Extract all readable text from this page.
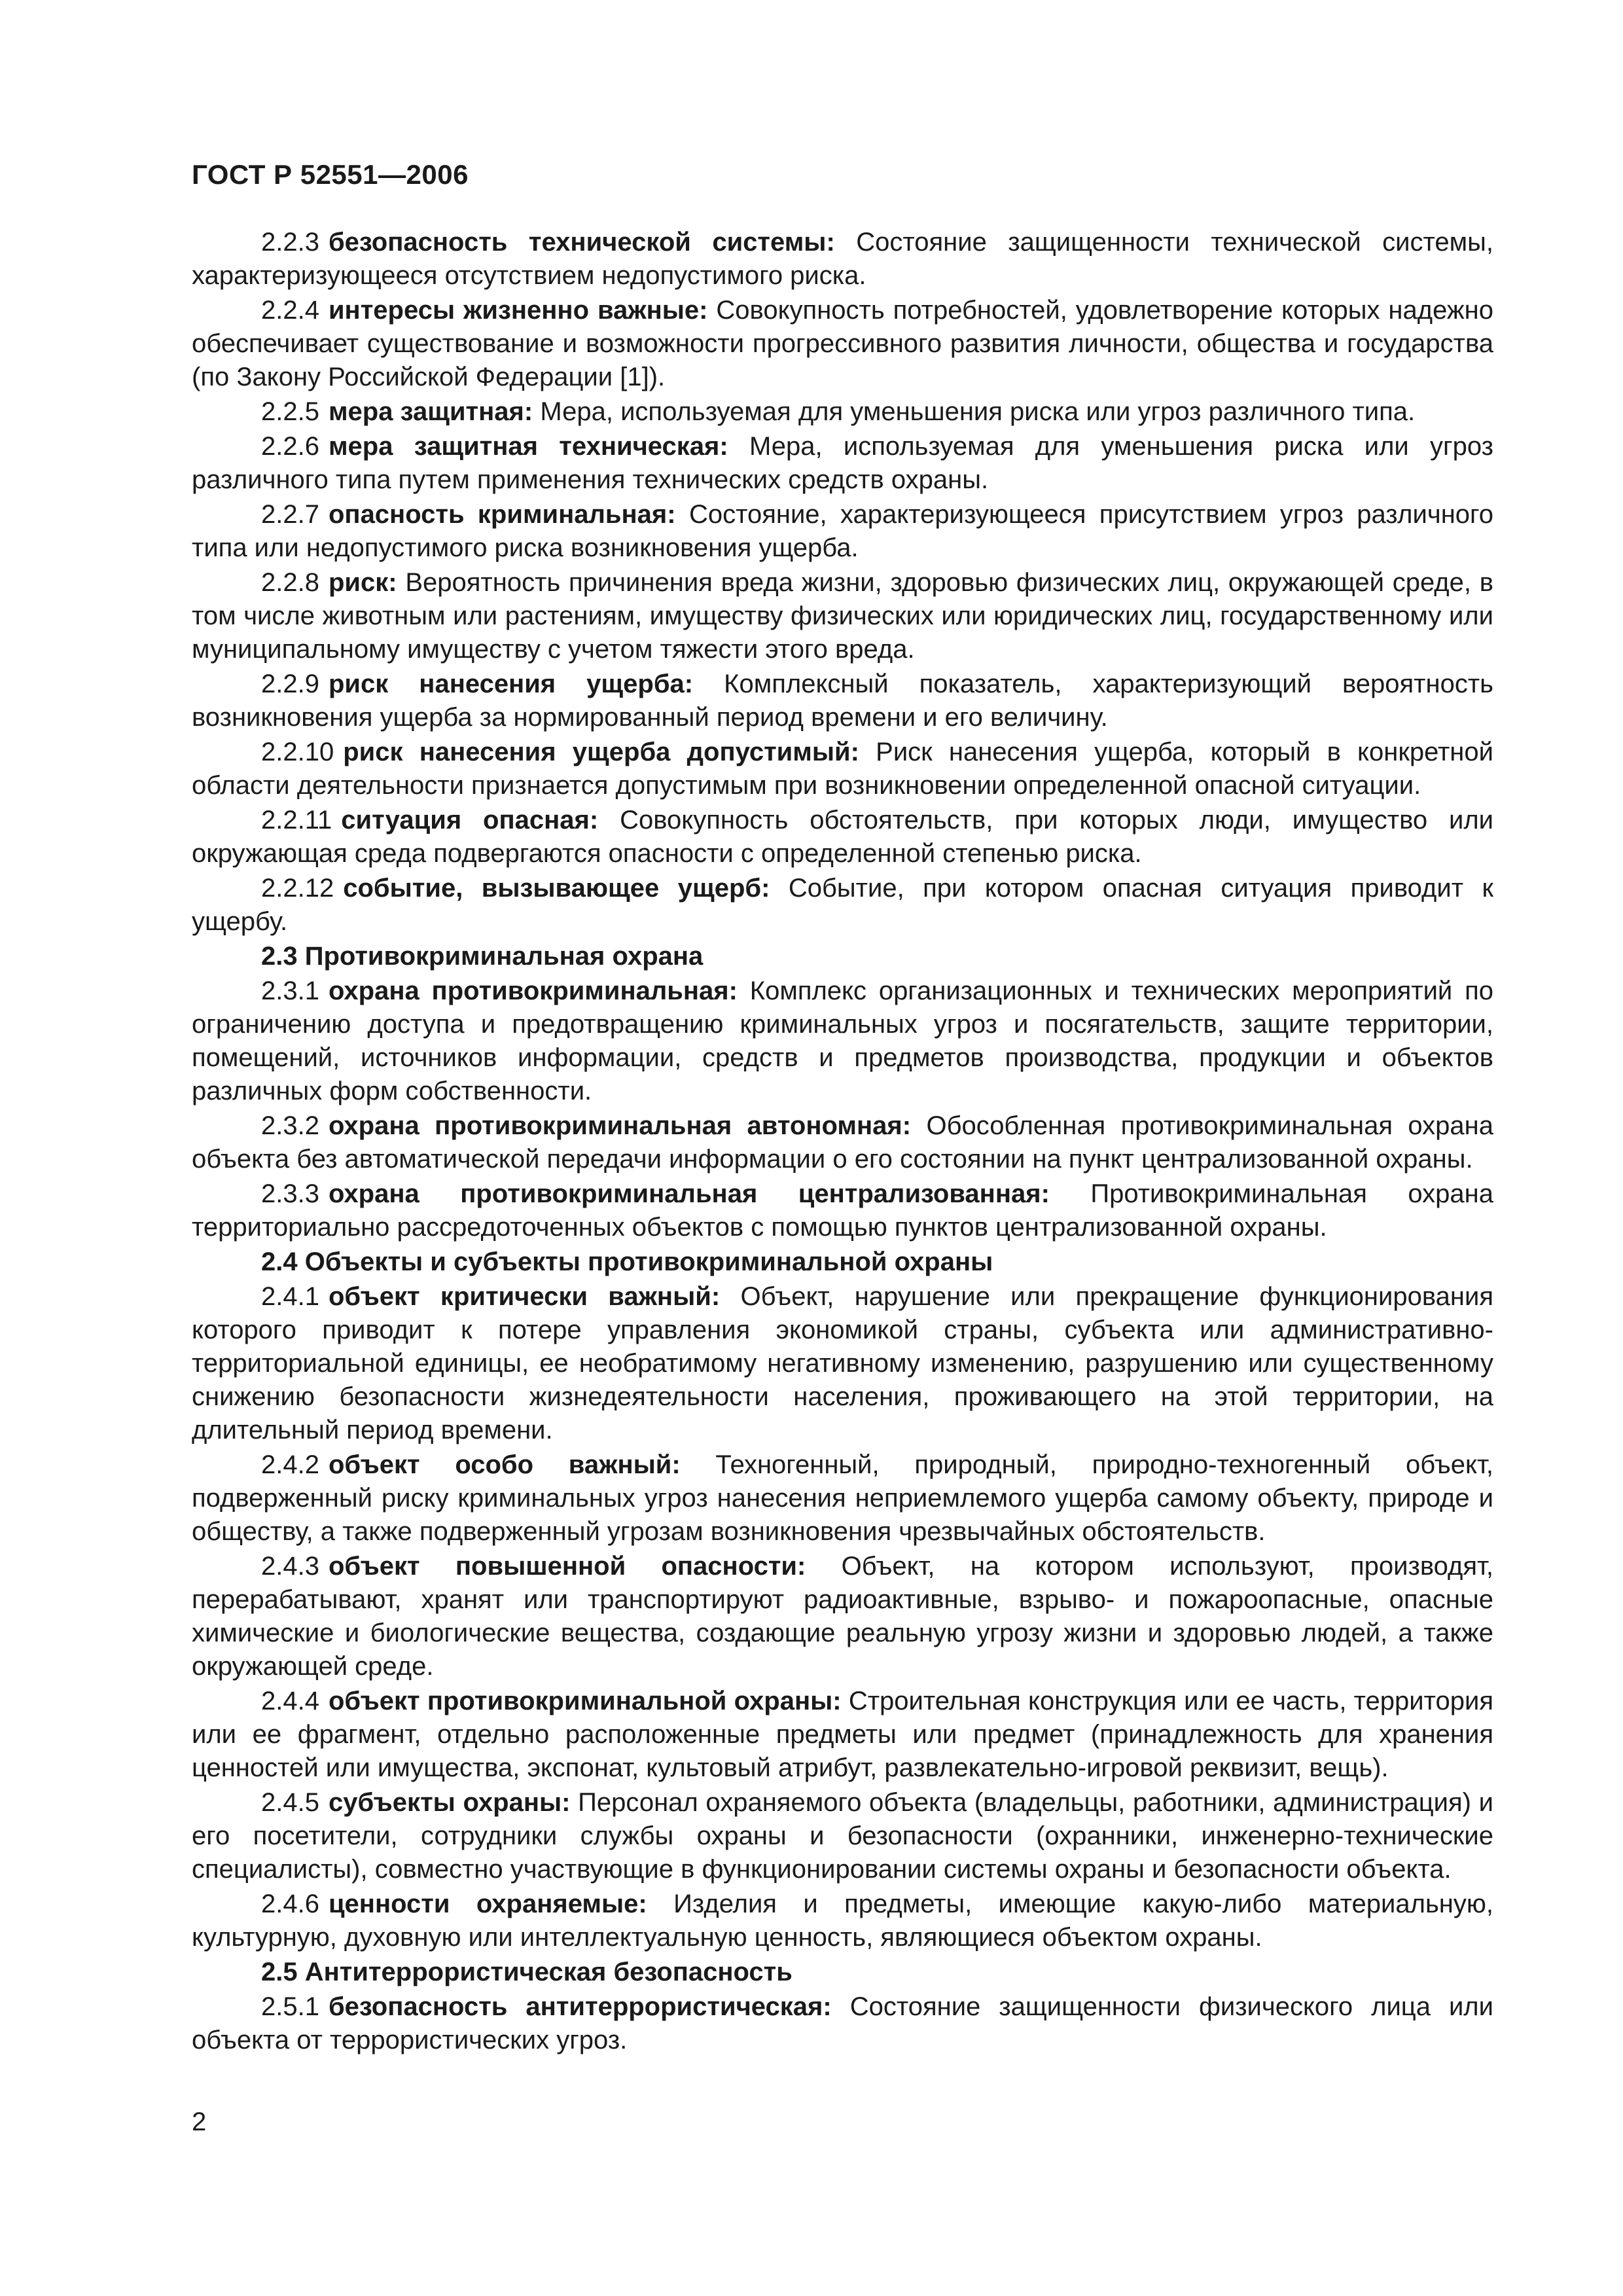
ГОСТ Р 52551—2006

2.2.3 безопасность технической системы: Состояние защищенности технической системы, характеризующееся отсутствием недопустимого риска.

2.2.4 интересы жизненно важные: Совокупность потребностей, удовлетворение которых надежно обеспечивает существование и возможности прогрессивного развития личности, общества и государства (по Закону Российской Федерации [1]).

2.2.5 мера защитная: Мера, используемая для уменьшения риска или угроз различного типа.

2.2.6 мера защитная техническая: Мера, используемая для уменьшения риска или угроз различного типа путем применения технических средств охраны.

2.2.7 опасность криминальная: Состояние, характеризующееся присутствием угроз различного типа или недопустимого риска возникновения ущерба.

2.2.8 риск: Вероятность причинения вреда жизни, здоровью физических лиц, окружающей среде, в том числе животным или растениям, имуществу физических или юридических лиц, государственному или муниципальному имуществу с учетом тяжести этого вреда.

2.2.9 риск нанесения ущерба: Комплексный показатель, характеризующий вероятность возникновения ущерба за нормированный период времени и его величину.

2.2.10 риск нанесения ущерба допустимый: Риск нанесения ущерба, который в конкретной области деятельности признается допустимым при возникновении определенной опасной ситуации.

2.2.11 ситуация опасная: Совокупность обстоятельств, при которых люди, имущество или окружающая среда подвергаются опасности с определенной степенью риска.

2.2.12 событие, вызывающее ущерб: Событие, при котором опасная ситуация приводит к ущербу.

2.3 Противокриминальная охрана

2.3.1 охрана противокриминальная: Комплекс организационных и технических мероприятий по ограничению доступа и предотвращению криминальных угроз и посягательств, защите территории, помещений, источников информации, средств и предметов производства, продукции и объектов различных форм собственности.

2.3.2 охрана противокриминальная автономная: Обособленная противокриминальная охрана объекта без автоматической передачи информации о его состоянии на пункт централизованной охраны.

2.3.3 охрана противокриминальная централизованная: Противокриминальная охрана территориально рассредоточенных объектов с помощью пунктов централизованной охраны.

2.4 Объекты и субъекты противокриминальной охраны

2.4.1 объект критически важный: Объект, нарушение или прекращение функционирования которого приводит к потере управления экономикой страны, субъекта или административно-территориальной единицы, ее необратимому негативному изменению, разрушению или существенному снижению безопасности жизнедеятельности населения, проживающего на этой территории, на длительный период времени.

2.4.2 объект особо важный: Техногенный, природный, природно-техногенный объект, подверженный риску криминальных угроз нанесения неприемлемого ущерба самому объекту, природе и обществу, а также подверженный угрозам возникновения чрезвычайных обстоятельств.

2.4.3 объект повышенной опасности: Объект, на котором используют, производят, перерабатывают, хранят или транспортируют радиоактивные, взрыво- и пожароопасные, опасные химические и биологические вещества, создающие реальную угрозу жизни и здоровью людей, а также окружающей среде.

2.4.4 объект противокриминальной охраны: Строительная конструкция или ее часть, территория или ее фрагмент, отдельно расположенные предметы или предмет (принадлежность для хранения ценностей или имущества, экспонат, культовый атрибут, развлекательно-игровой реквизит, вещь).

2.4.5 субъекты охраны: Персонал охраняемого объекта (владельцы, работники, администрация) и его посетители, сотрудники службы охраны и безопасности (охранники, инженерно-технические специалисты), совместно участвующие в функционировании системы охраны и безопасности объекта.

2.4.6 ценности охраняемые: Изделия и предметы, имеющие какую-либо материальную, культурную, духовную или интеллектуальную ценность, являющиеся объектом охраны.

2.5 Антитеррористическая безопасность

2.5.1 безопасность антитеррористическая: Состояние защищенности физического лица или объекта от террористических угроз.

2
